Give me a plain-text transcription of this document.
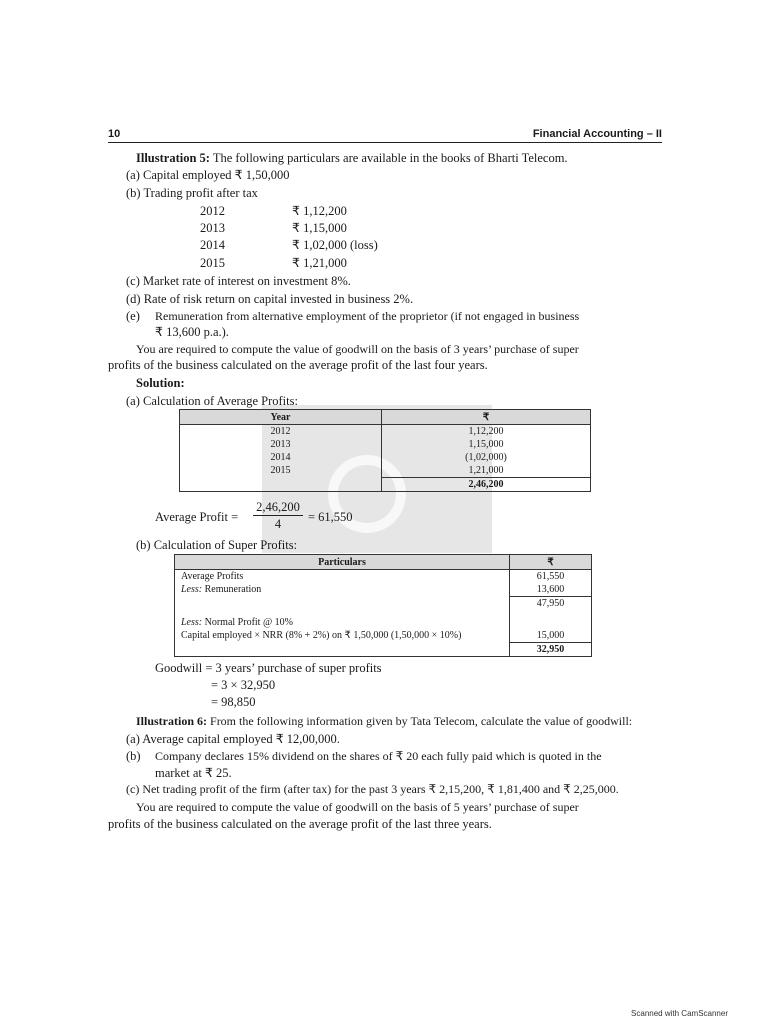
10	Financial Accounting – II
Illustration 5: The following particulars are available in the books of Bharti Telecom.
(a) Capital employed ₹ 1,50,000
(b) Trading profit after tax
2012	₹ 1,12,200
2013	₹ 1,15,000
2014	₹ 1,02,000 (loss)
2015	₹ 1,21,000
(c) Market rate of interest on investment 8%.
(d) Rate of risk return on capital invested in business 2%.
(e) Remuneration from alternative employment of the proprietor (if not engaged in business
₹ 13,600 p.a.).
You are required to compute the value of goodwill on the basis of 3 years’ purchase of super
profits of the business calculated on the average profit of the last four years.
Solution:
(a) Calculation of Average Profits:
Year	₹
2012	1,12,200
2013	1,15,000
2014	(1,02,000)
2015	1,21,000
	2,46,200
Average Profit =
2,46,200
4	= 61,550
(b) Calculation of Super Profits:
Particulars	₹
Average Profits	61,550
Less: Remuneration	13,600
	47,950

Less: Normal Profit @ 10%	
Capital employed × NRR (8% + 2%) on ₹ 1,50,000 (1,50,000 × 10%)	15,000
	32,950
Goodwill = 3 years’ purchase of super profits
= 3 × 32,950
= 98,850
Illustration 6: From the following information given by Tata Telecom, calculate the value of goodwill:
(a) Average capital employed ₹ 12,00,000.
(b) Company declares 15% dividend on the shares of ₹ 20 each fully paid which is quoted in the
market at ₹ 25.
(c) Net trading profit of the firm (after tax) for the past 3 years ₹ 2,15,200, ₹ 1,81,400 and ₹ 2,25,000.
You are required to compute the value of goodwill on the basis of 5 years’ purchase of super
profits of the business calculated on the average profit of the last three years.
Scanned with CamScanner
